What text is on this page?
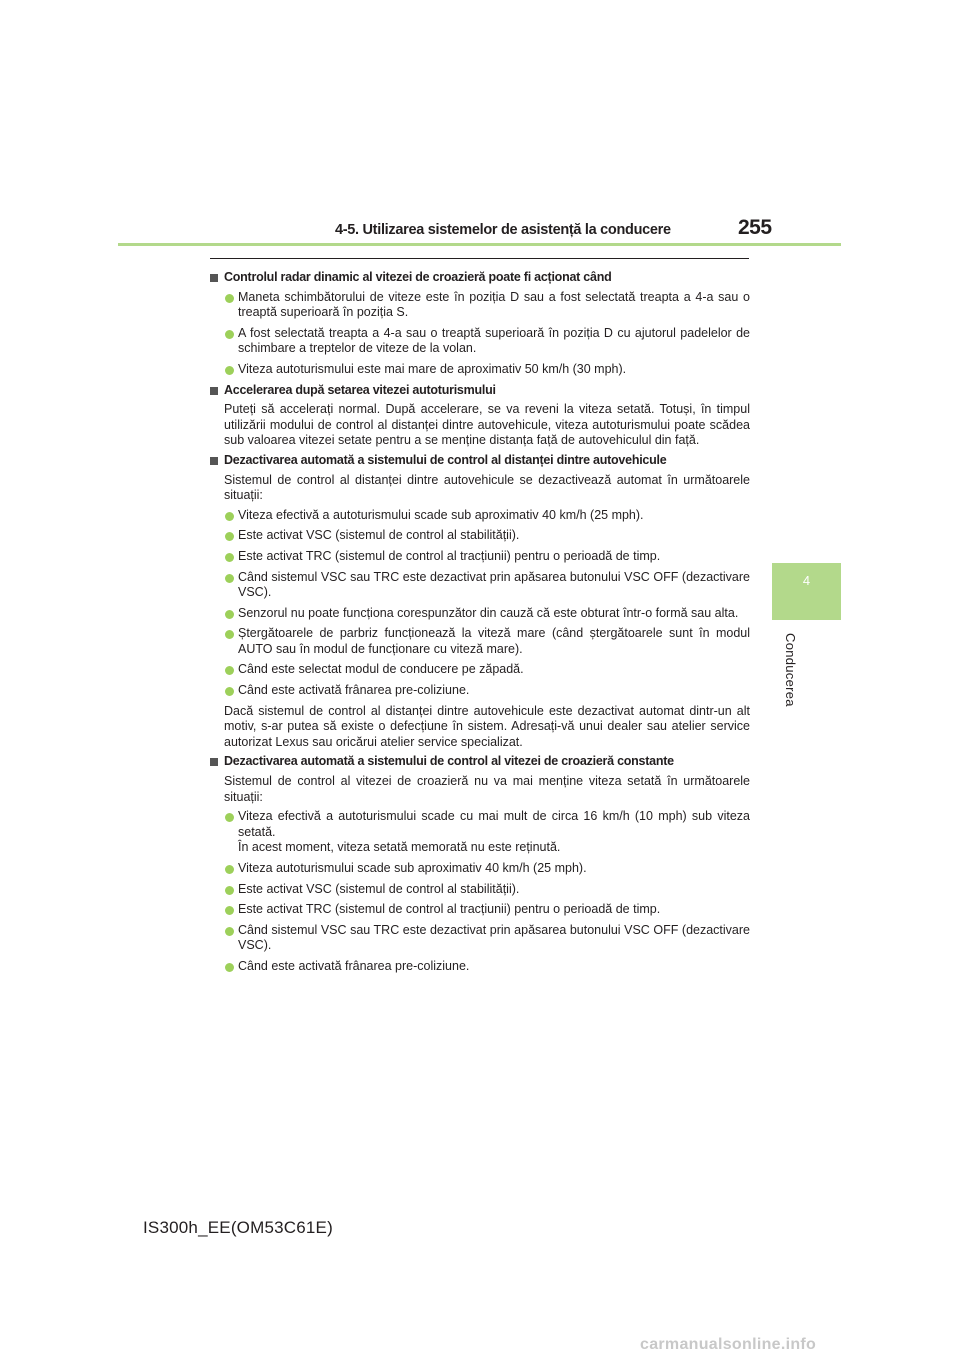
4-5. Utilizarea sistemelor de asistență la conducere	255
4
Conducerea
Controlul radar dinamic al vitezei de croazieră poate fi acționat când
Maneta schimbătorului de viteze este în poziția D sau a fost selectată treapta a 4-a sau o treaptă superioară în poziția S.
A fost selectată treapta a 4-a sau o treaptă superioară în poziția D cu ajutorul padelelor de schimbare a treptelor de viteze de la volan.
Viteza autoturismului este mai mare de aproximativ 50 km/h (30 mph).
Accelerarea după setarea vitezei autoturismului
Puteți să accelerați normal. După accelerare, se va reveni la viteza setată. Totuși, în timpul utilizării modului de control al distanței dintre autovehicule, viteza autoturismului poate scădea sub valoarea vitezei setate pentru a se menține distanța față de autovehiculul din față.
Dezactivarea automată a sistemului de control al distanței dintre autovehicule
Sistemul de control al distanței dintre autovehicule se dezactivează automat în următoarele situații:
Viteza efectivă a autoturismului scade sub aproximativ 40 km/h (25 mph).
Este activat VSC (sistemul de control al stabilității).
Este activat TRC (sistemul de control al tracțiunii) pentru o perioadă de timp.
Când sistemul VSC sau TRC este dezactivat prin apăsarea butonului VSC OFF (dezactivare VSC).
Senzorul nu poate funcționa corespunzător din cauză că este obturat într-o formă sau alta.
Ștergătoarele de parbriz funcționează la viteză mare (când ștergătoarele sunt în modul AUTO sau în modul de funcționare cu viteză mare).
Când este selectat modul de conducere pe zăpadă.
Când este activată frânarea pre-coliziune.
Dacă sistemul de control al distanței dintre autovehicule este dezactivat automat dintr-un alt motiv, s-ar putea să existe o defecțiune în sistem. Adresați-vă unui dealer sau atelier service autorizat Lexus sau oricărui atelier service specializat.
Dezactivarea automată a sistemului de control al vitezei de croazieră constante
Sistemul de control al vitezei de croazieră nu va mai menține viteza setată în următoarele situații:
Viteza efectivă a autoturismului scade cu mai mult de circa 16 km/h (10 mph) sub viteza setată.
În acest moment, viteza setată memorată nu este reținută.
Viteza autoturismului scade sub aproximativ 40 km/h (25 mph).
Este activat VSC (sistemul de control al stabilității).
Este activat TRC (sistemul de control al tracțiunii) pentru o perioadă de timp.
Când sistemul VSC sau TRC este dezactivat prin apăsarea butonului VSC OFF (dezactivare VSC).
Când este activată frânarea pre-coliziune.
IS300h_EE(OM53C61E)
carmanualsonline.info
